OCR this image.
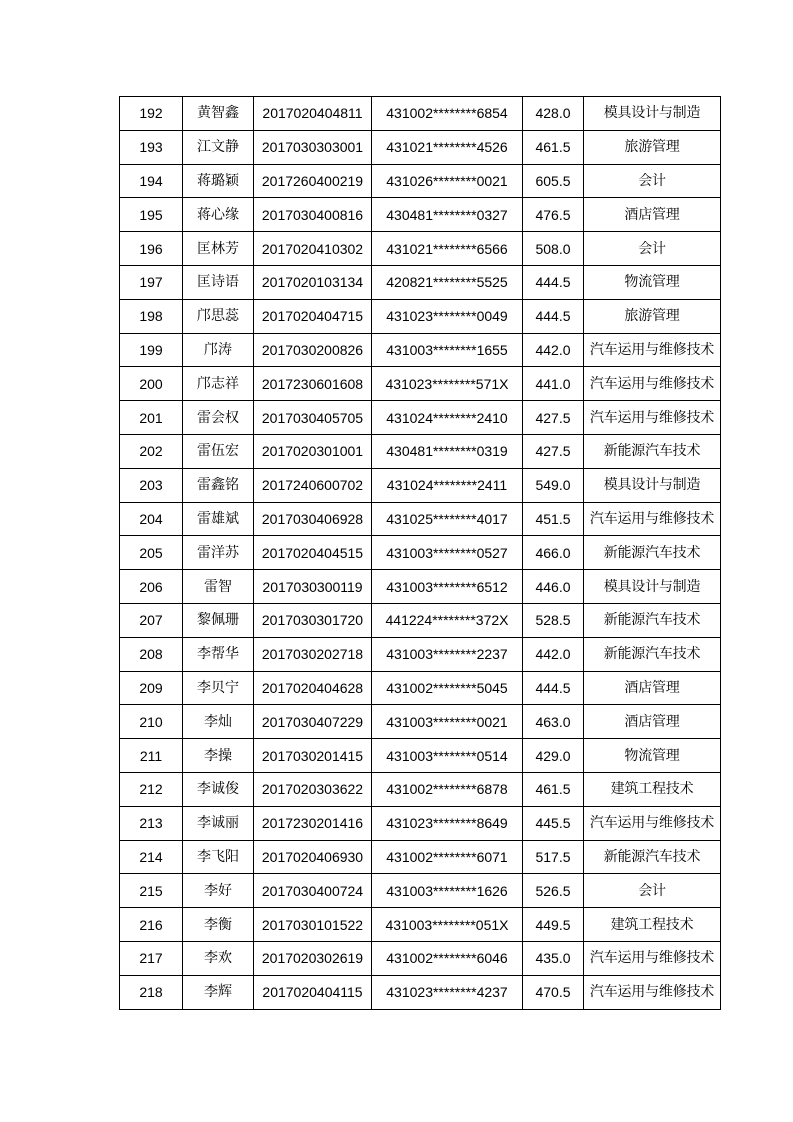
192	黄智鑫	2017020404811	431002********6854	428.0	模具设计与制造
193	江文静	2017030303001	431021********4526	461.5	旅游管理
194	蒋璐颖	2017260400219	431026********0021	605.5	会计
195	蒋心缘	2017030400816	430481********0327	476.5	酒店管理
196	匡林芳	2017020410302	431021********6566	508.0	会计
197	匡诗语	2017020103134	420821********5525	444.5	物流管理
198	邝思蕊	2017020404715	431023********0049	444.5	旅游管理
199	邝涛	2017030200826	431003********1655	442.0	汽车运用与维修技术
200	邝志祥	2017230601608	431023********571X	441.0	汽车运用与维修技术
201	雷会权	2017030405705	431024********2410	427.5	汽车运用与维修技术
202	雷伍宏	2017020301001	430481********0319	427.5	新能源汽车技术
203	雷鑫铭	2017240600702	431024********2411	549.0	模具设计与制造
204	雷雄斌	2017030406928	431025********4017	451.5	汽车运用与维修技术
205	雷洋苏	2017020404515	431003********0527	466.0	新能源汽车技术
206	雷智	2017030300119	431003********6512	446.0	模具设计与制造
207	黎佩珊	2017030301720	441224********372X	528.5	新能源汽车技术
208	李帮华	2017030202718	431003********2237	442.0	新能源汽车技术
209	李贝宁	2017020404628	431002********5045	444.5	酒店管理
210	李灿	2017030407229	431003********0021	463.0	酒店管理
211	李操	2017030201415	431003********0514	429.0	物流管理
212	李诚俊	2017020303622	431002********6878	461.5	建筑工程技术
213	李诚丽	2017230201416	431023********8649	445.5	汽车运用与维修技术
214	李飞阳	2017020406930	431002********6071	517.5	新能源汽车技术
215	李好	2017030400724	431003********1626	526.5	会计
216	李衡	2017030101522	431003********051X	449.5	建筑工程技术
217	李欢	2017020302619	431002********6046	435.0	汽车运用与维修技术
218	李辉	2017020404115	431023********4237	470.5	汽车运用与维修技术
